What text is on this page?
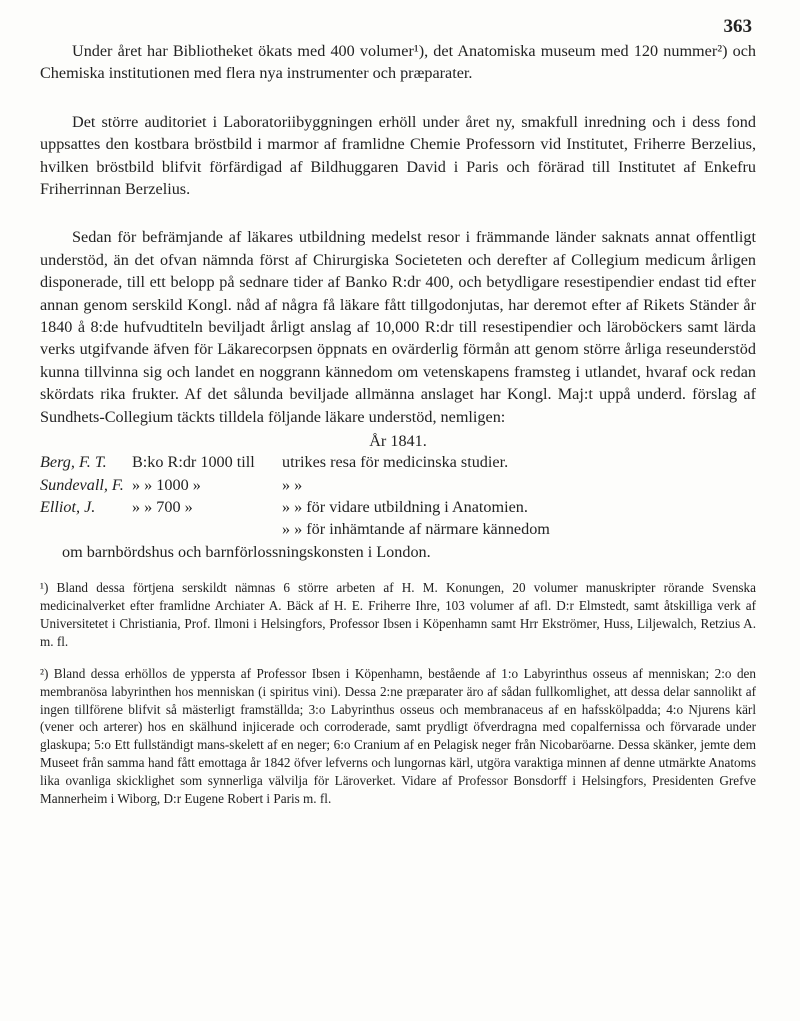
363

Under året har Bibliotheket ökats med 400 volumer¹), det Anatomiska museum med 120 nummer²) och Chemiska institutionen med flera nya instrumenter och præparater.

Det större auditoriet i Laboratoriibyggningen erhöll under året ny, smakfull inredning och i dess fond uppsattes den kostbara bröstbild i marmor af framlidne Chemie Professorn vid Institutet, Friherre Berzelius, hvilken bröstbild blifvit förfärdigad af Bildhuggaren David i Paris och förärad till Institutet af Enkefru Friherrinnan Berzelius.

Sedan för befrämjande af läkares utbildning medelst resor i främmande länder saknats annat offentligt understöd, än det ofvan nämnda först af Chirurgiska Societeten och derefter af Collegium medicum årligen disponerade, till ett belopp på sednare tider af Banko R:dr 400, och betydligare resestipendier endast tid efter annan genom serskild Kongl. nåd af några få läkare fått tillgodonjutas, har deremot efter af Rikets Ständer år 1840 å 8:de hufvudtiteln beviljadt årligt anslag af 10,000 R:dr till resestipendier och läroböckers samt lärda verks utgifvande äfven för Läkarecorpsen öppnats en ovärderlig förmån att genom större årliga reseunderstöd kunna tillvinna sig och landet en noggrann kännedom om vetenskapens framsteg i utlandet, hvaraf ock redan skördats rika frukter. Af det sålunda beviljade allmänna anslaget har Kongl. Maj:t uppå underd. förslag af Sundhets-Collegium täckts tilldela följande läkare understöd, nemligen:

År 1841.
Berg, F. T.	B:ko R:dr 1000 till	utrikes resa för medicinska studier.
Sundevall, F. » » 1000 »	» »
Elliot, J.	» » 700 »	» » för vidare utbildning i Anatomien.
» » för inhämtande af närmare kännedom
om barnbördshus och barnförlossningskonsten i London.

¹) Bland dessa förtjena serskildt nämnas 6 större arbeten af H. M. Konungen, 20 volumer manuskripter rörande Svenska medicinalverket efter framlidne Archiater A. Bäck af H. E. Friherre Ihre, 103 volumer af afl. D:r Elmstedt, samt åtskilliga verk af Universitetet i Christiania, Prof. Ilmoni i Helsingfors, Professor Ibsen i Köpenhamn samt Hrr Ekströmer, Huss, Liljewalch, Retzius A. m. fl.

²) Bland dessa erhöllos de yppersta af Professor Ibsen i Köpenhamn, bestående af 1:o Labyrinthus osseus af menniskan; 2:o den membranösa labyrinthen hos menniskan (i spiritus vini). Dessa 2:ne præparater äro af sådan fullkomlighet, att dessa delar sannolikt af ingen tillförene blifvit så mästerligt framställda; 3:o Labyrinthus osseus och membranaceus af en hafsskölpadda; 4:o Njurens kärl (vener och arterer) hos en skälhund injicerade och corroderade, samt prydligt öfverdragna med copalfernissa och förvarade under glaskupa; 5:o Ett fullständigt mans-skelett af en neger; 6:o Cranium af en Pelagisk neger från Nicobaröarne. Dessa skänker, jemte dem Museet från samma hand fått emottaga år 1842 öfver lefverns och lungornas kärl, utgöra varaktiga minnen af denne utmärkte Anatoms lika ovanliga skicklighet som synnerliga välvilja för Läroverket. Vidare af Professor Bonsdorff i Helsingfors, Presidenten Grefve Mannerheim i Wiborg, D:r Eugene Robert i Paris m. fl.
